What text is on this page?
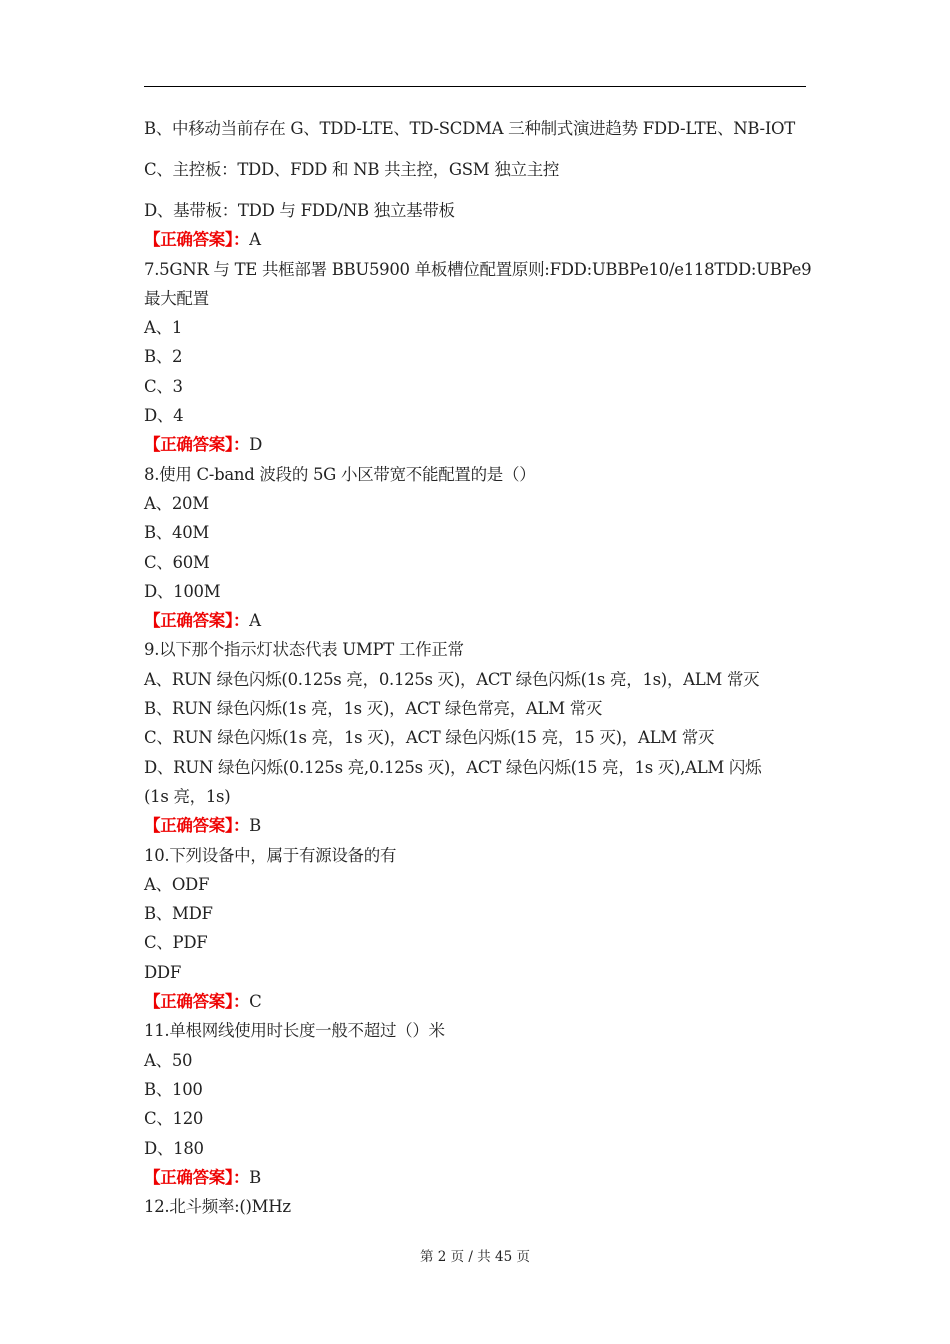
B、中移动当前存在 G、TDD-LTE、TD-SCDMA 三种制式演进趋势 FDD-LTE、NB-IOT
C、主控板：TDD、FDD 和 NB 共主控，GSM 独立主控
D、基带板：TDD 与 FDD/NB 独立基带板
【正确答案】：A
7.5GNR 与 TE 共框部署 BBU5900 单板槽位配置原则:FDD:UBBPe10/e118TDD:UBPe9
最大配置
A、1
B、2
C、3
D、4
【正确答案】：D
8.使用 C-band 波段的 5G 小区带宽不能配置的是（）
A、20M
B、40M
C、60M
D、100M
【正确答案】：A
9.以下那个指示灯状态代表 UMPT 工作正常
A、RUN 绿色闪烁(0.125s 亮，0.125s 灭)，ACT 绿色闪烁(1s 亮，1s)，ALM 常灭
B、RUN 绿色闪烁(1s 亮，1s 灭)，ACT 绿色常亮，ALM 常灭
C、RUN 绿色闪烁(1s 亮，1s 灭)，ACT 绿色闪烁(15 亮，15 灭)，ALM 常灭
D、RUN 绿色闪烁(0.125s 亮,0.125s 灭)，ACT 绿色闪烁(15 亮，1s 灭),ALM 闪烁
(1s 亮，1s)
【正确答案】：B
10.下列设备中，属于有源设备的有
A、ODF
B、MDF
C、PDF
DDF
【正确答案】：C
11.单根网线使用时长度一般不超过（）米
A、50
B、100
C、120
D、180
【正确答案】：B
12.北斗频率:()MHz
第 2 页 / 共 45 页
